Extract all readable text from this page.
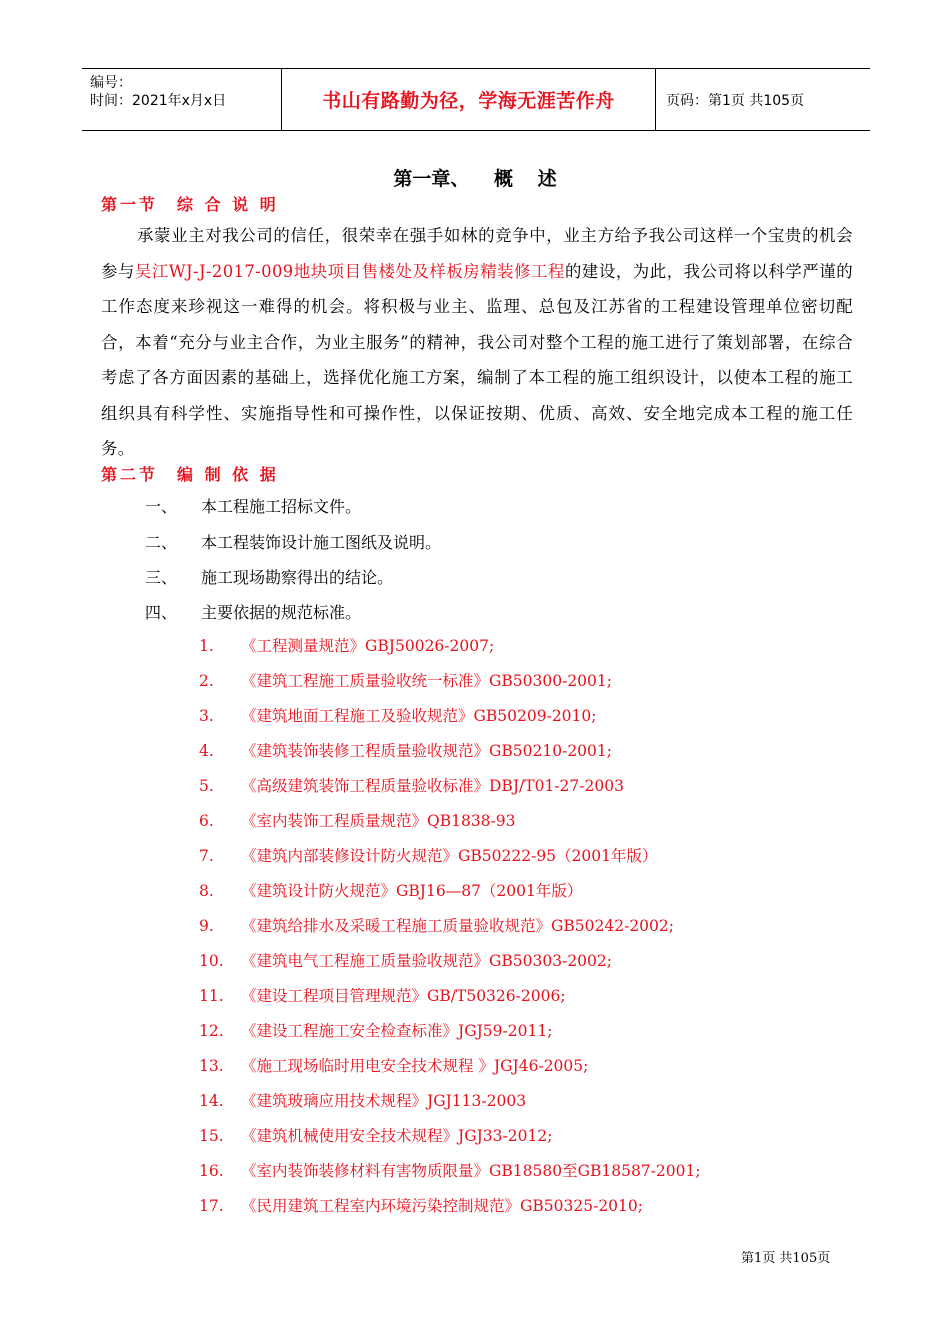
编号：
时间：2021年x月x日	书山有路勤为径，学海无涯苦作舟	页码：第1页 共105页
第一章、 概 述
第一节　综 合 说 明
承蒙业主对我公司的信任，很荣幸在强手如林的竞争中，业主方给予我公司这样一个宝贵的机会参与吴江WJ-J-2017-009地块项目售楼处及样板房精装修工程的建设，为此，我公司将以科学严谨的工作态度来珍视这一难得的机会。将积极与业主、监理、总包及江苏省的工程建设管理单位密切配合，本着“充分与业主合作，为业主服务”的精神，我公司对整个工程的施工进行了策划部署，在综合考虑了各方面因素的基础上，选择优化施工方案，编制了本工程的施工组织设计，以使本工程的施工组织具有科学性、实施指导性和可操作性，以保证按期、优质、高效、安全地完成本工程的施工任务。
第二节　编 制 依 据
一、 本工程施工招标文件。
二、 本工程装饰设计施工图纸及说明。
三、 施工现场勘察得出的结论。
四、 主要依据的规范标准。
1. 《工程测量规范》GBJ50026-2007;
2. 《建筑工程施工质量验收统一标准》GB50300-2001;
3. 《建筑地面工程施工及验收规范》GB50209-2010;
4. 《建筑装饰装修工程质量验收规范》GB50210-2001;
5. 《高级建筑装饰工程质量验收标准》DBJ/T01-27-2003
6. 《室内装饰工程质量规范》QB1838-93
7. 《建筑内部装修设计防火规范》GB50222-95（2001年版）
8. 《建筑设计防火规范》GBJ16—87（2001年版）
9. 《建筑给排水及采暖工程施工质量验收规范》GB50242-2002;
10. 《建筑电气工程施工质量验收规范》GB50303-2002;
11. 《建设工程项目管理规范》GB/T50326-2006;
12. 《建设工程施工安全检查标准》JGJ59-2011;
13. 《施工现场临时用电安全技术规程 》JGJ46-2005;
14. 《建筑玻璃应用技术规程》JGJ113-2003
15. 《建筑机械使用安全技术规程》JGJ33-2012;
16. 《室内装饰装修材料有害物质限量》GB18580至GB18587-2001;
17. 《民用建筑工程室内环境污染控制规范》GB50325-2010;
第1页 共105页
